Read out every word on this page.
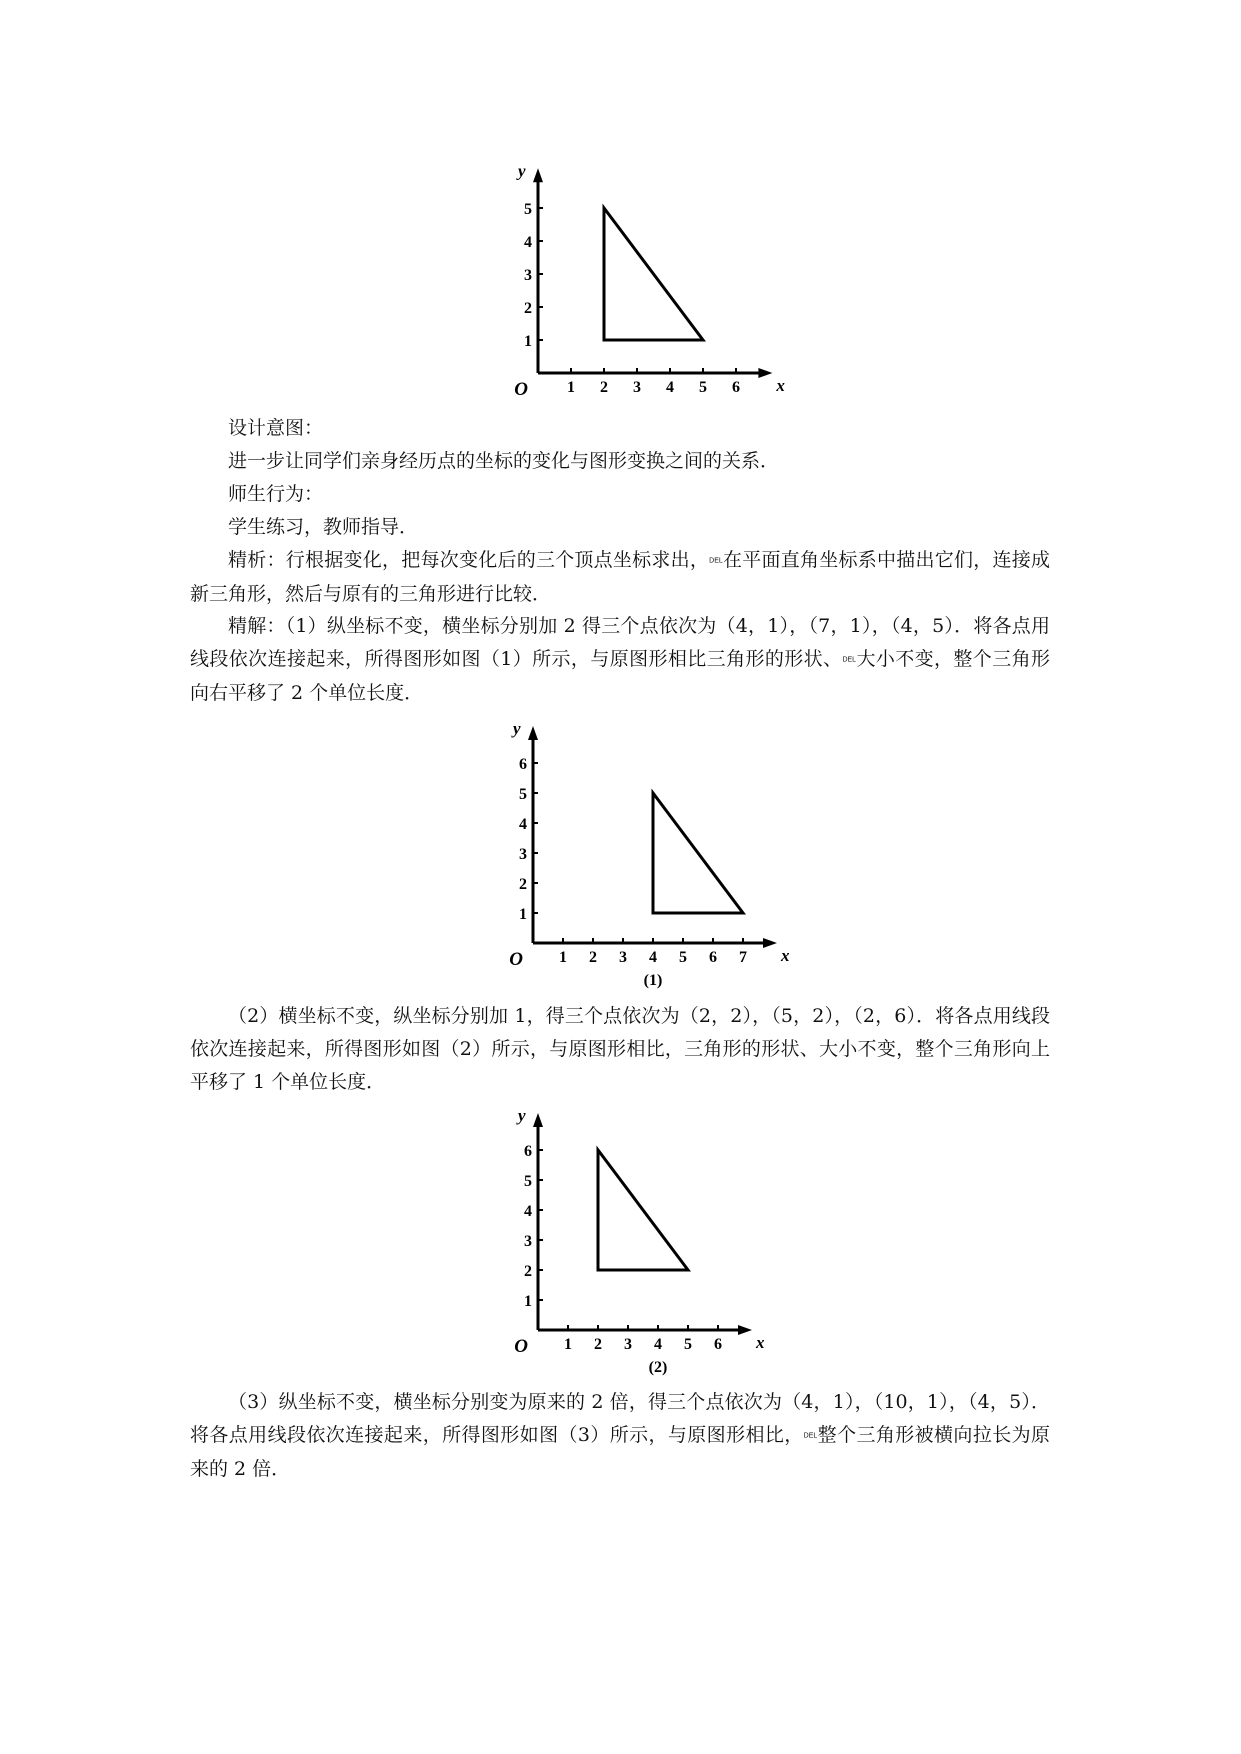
1 2 3 4 5 6
1
2
3
4
5
O	x
y

设计意图：

进一步让同学们亲身经历点的坐标的变化与图形变换之间的关系．

师生行为：

学生练习，教师指导．

精析：行根据变化，把每次变化后的三个顶点坐标求出，DEL在平面直角坐标系中描出它们，连接成新三角形，然后与原有的三角形进行比较．

精解：（1）纵坐标不变，横坐标分别加 2 得三个点依次为（4，1），（7，1），（4，5）．将各点用线段依次连接起来，所得图形如图（1）所示，与原图形相比三角形的形状、DEL大小不变，整个三角形向右平移了 2 个单位长度．

1 2 3 4 5 6 7
1
2
3
4
5
6
O	x
y
(1)

（2）横坐标不变，纵坐标分别加 1，得三个点依次为（2，2），（5，2），（2，6）．将各点用线段依次连接起来，所得图形如图（2）所示，与原图形相比，三角形的形状、大小不变，整个三角形向上平移了 1 个单位长度．

1 2 3 4 5 6
1
2
3
4
5
6
O	x
y
(2)

（3）纵坐标不变，横坐标分别变为原来的 2 倍，得三个点依次为（4，1），（10，1），（4，5）．将各点用线段依次连接起来，所得图形如图（3）所示，与原图形相比，DEL整个三角形被横向拉长为原来的 2 倍．
